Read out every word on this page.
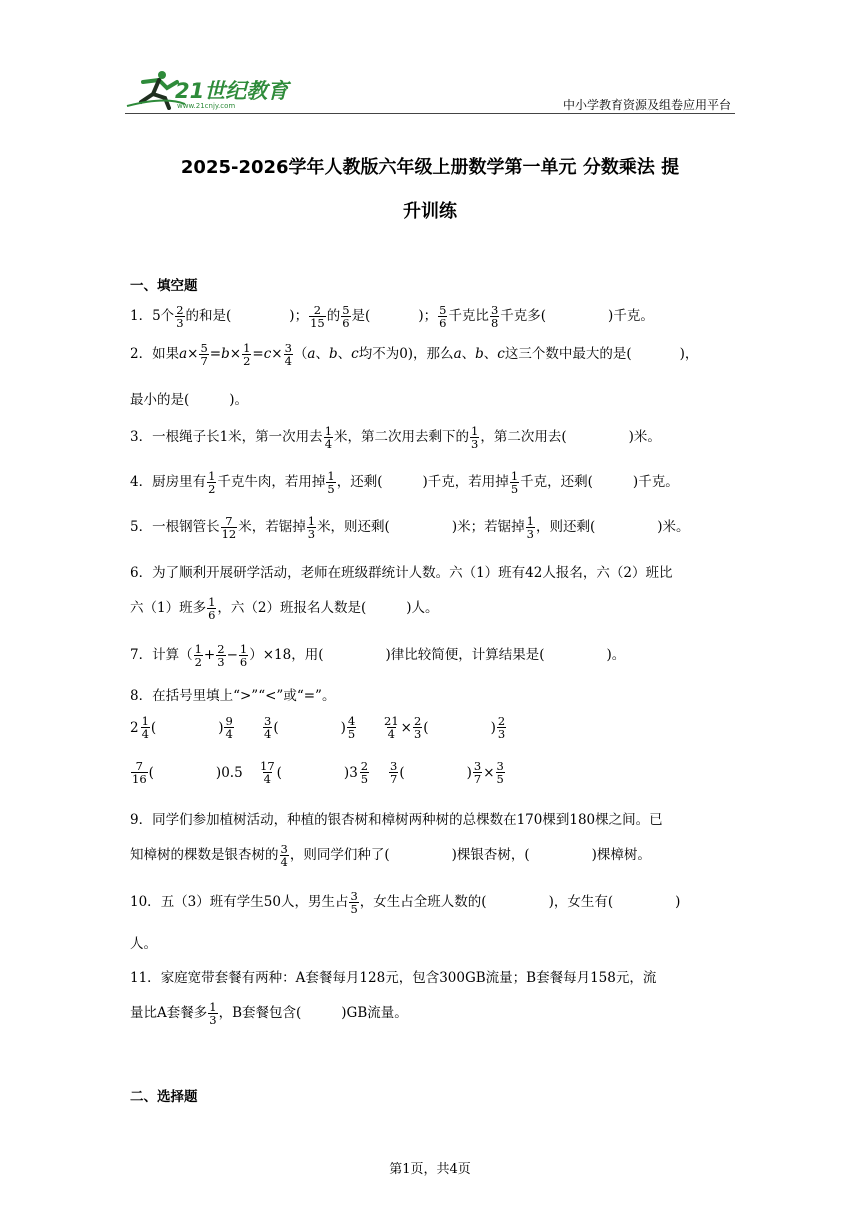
21世纪教育
www.21cnjy.com	中小学教育资源及组卷应用平台
2025-2026学年人教版六年级上册数学第一单元 分数乘法 提
升训练
一、填空题
1．5个 $\frac{2}{3}$ 的和是(	)； $\frac{2}{15}$ 的 $\frac{5}{6}$ 是(	)； $\frac{5}{6}$ 千克比 $\frac{3}{8}$ 千克多(	)千克。
2．如果$a\times \frac{5}{7} =b\times \frac{1}{2} =c\times \frac{3}{4} (a$、b、c均不为0)，那么a、b、c这三个数中最大的是(	)，
最小的是(	)。
3．一根绳子长1米，第一次用去 $\frac{1}{4}$ 米，第二次用去剩下的 $\frac{1}{3}$ ，第二次用去(	)米。
4．厨房里有 $\frac{1}{2}$ 千克牛肉，若用掉 $\frac{1}{5}$ ，还剩(	)千克，若用掉 $\frac{1}{5}$ 千克，还剩(	)千克。
5．一根钢管长 $\frac{7}{12}$ 米，若锯掉 $\frac{1}{3}$ 米，则还剩(	)米；若锯掉 $\frac{1}{3}$ ，则还剩(	)米。
6．为了顺利开展研学活动，老师在班级群统计人数。六（1）班有42人报名，六（2）班比
六（1）班多 $\frac{1}{6}$ ，六（2）班报名人数是(	)人。
7．计算（ $\frac{1}{2} + \frac{2}{3} - \frac{1}{6} )\times 18$，用(	)律比较简便，计算结果是(	)。
8．在括号里填上“>”“<”或“=”。
$2 \frac{1}{4}$ (	) $\frac{9}{4}$	$\frac{3}{4}$ (	) $\frac{4}{5} \frac{21}{4} \times \frac{2}{3}$ (	) $\frac{2}{3}$
$\frac{7}{16}$ (	) $0.5 \frac{17}{4}$ (	) $3 \frac{2}{5} \frac{3}{7}$ (	) $\frac{3}{7} \times \frac{3}{5}$
9．同学们参加植树活动，种植的银杏树和樟树两种树的总棵数在170棵到180棵之间。已
知樟树的棵数是银杏树的 $\frac{3}{4}$ ，则同学们种了(	)棵银杏树，(	)棵樟树。
10．五（3）班有学生50人，男生占 $\frac{3}{5}$ ，女生占全班人数的(	)，女生有(	)
人。
11．家庭宽带套餐有两种：A套餐每月128元，包含300GB流量；B套餐每月158元，流
量比A套餐多 $\frac{1}{3}$ ，B套餐包含(	)GB流量。
二、选择题
第1页，共4页
